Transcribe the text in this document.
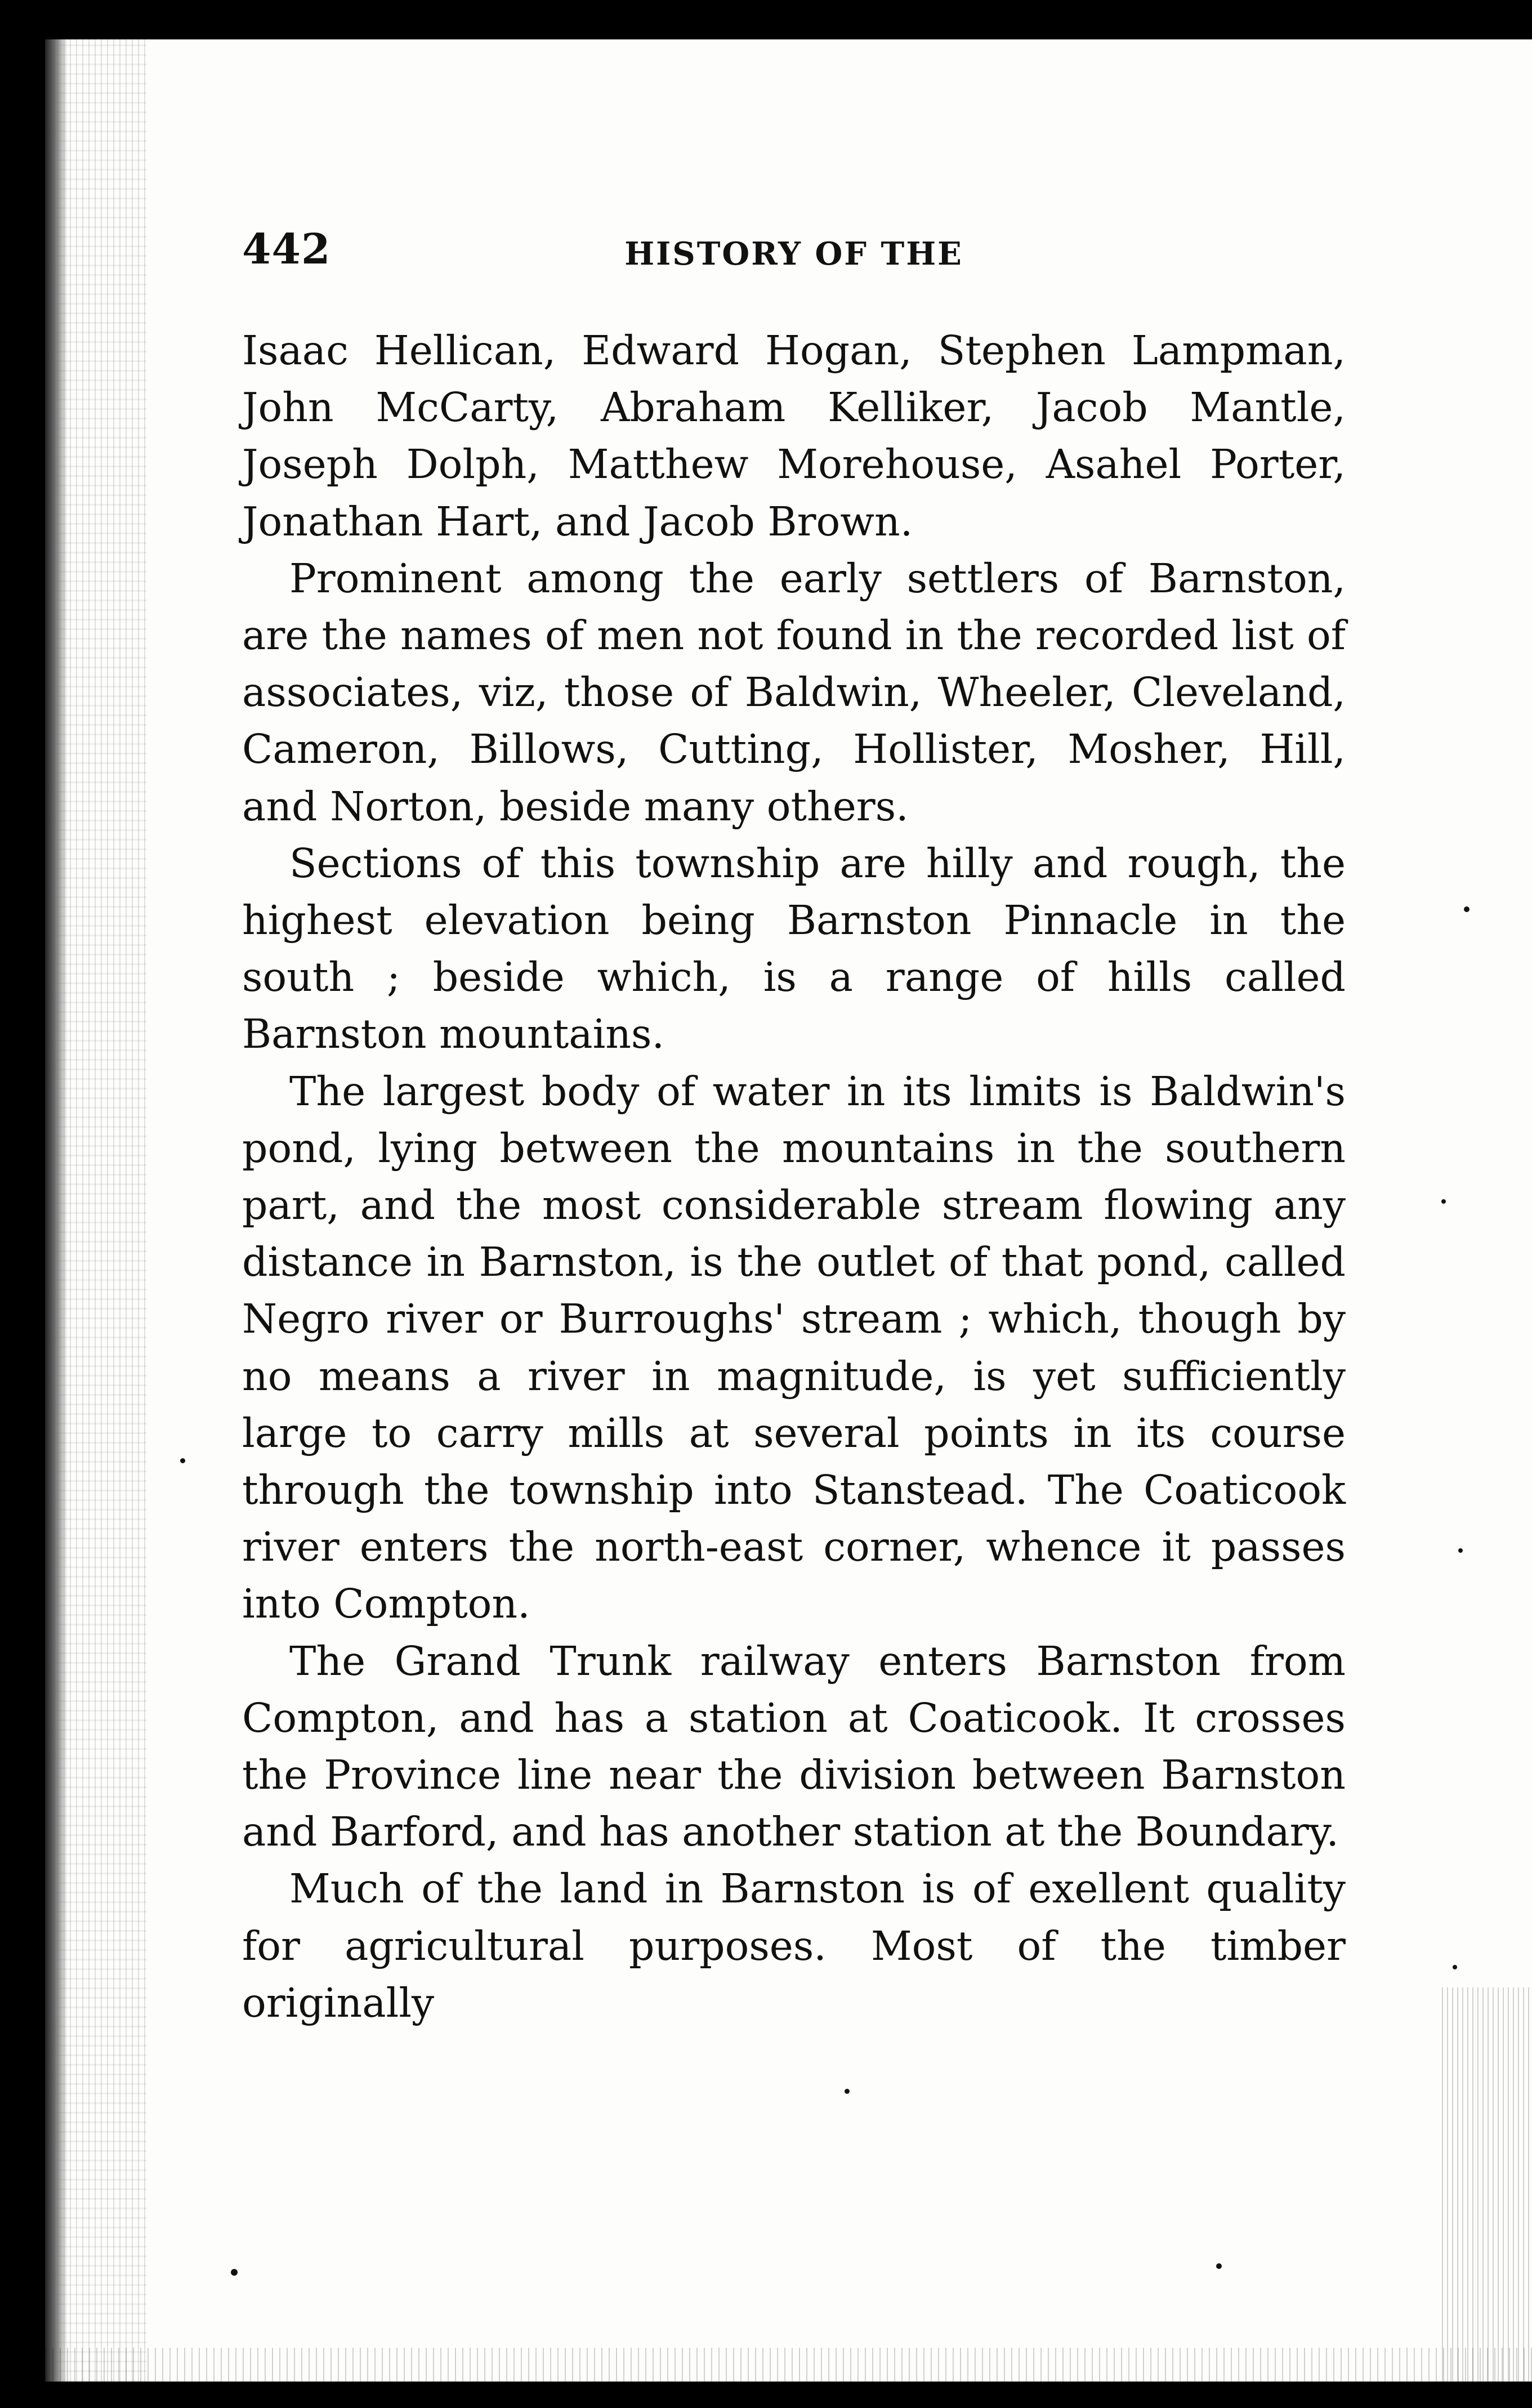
442	HISTORY OF THE

Isaac Hellican, Edward Hogan, Stephen Lampman, John McCarty, Abraham Kelliker, Jacob Mantle, Joseph Dolph, Matthew Morehouse, Asahel Porter, Jonathan Hart, and Jacob Brown.

Prominent among the early settlers of Barnston, are the names of men not found in the recorded list of associates, viz, those of Baldwin, Wheeler, Cleveland, Cameron, Billows, Cutting, Hollister, Mosher, Hill, and Norton, beside many others.

Sections of this township are hilly and rough, the highest elevation being Barnston Pinnacle in the south ; beside which, is a range of hills called Barnston mountains.

The largest body of water in its limits is Baldwin's pond, lying between the mountains in the southern part, and the most considerable stream flowing any distance in Barnston, is the outlet of that pond, called Negro river or Burroughs' stream ; which, though by no means a river in magnitude, is yet sufficiently large to carry mills at several points in its course through the township into Stanstead. The Coaticook river enters the north-east corner, whence it passes into Compton.

The Grand Trunk railway enters Barnston from Compton, and has a station at Coaticook. It crosses the Province line near the division between Barnston and Barford, and has another station at the Boundary.

Much of the land in Barnston is of exellent quality for agricultural purposes. Most of the timber originally
